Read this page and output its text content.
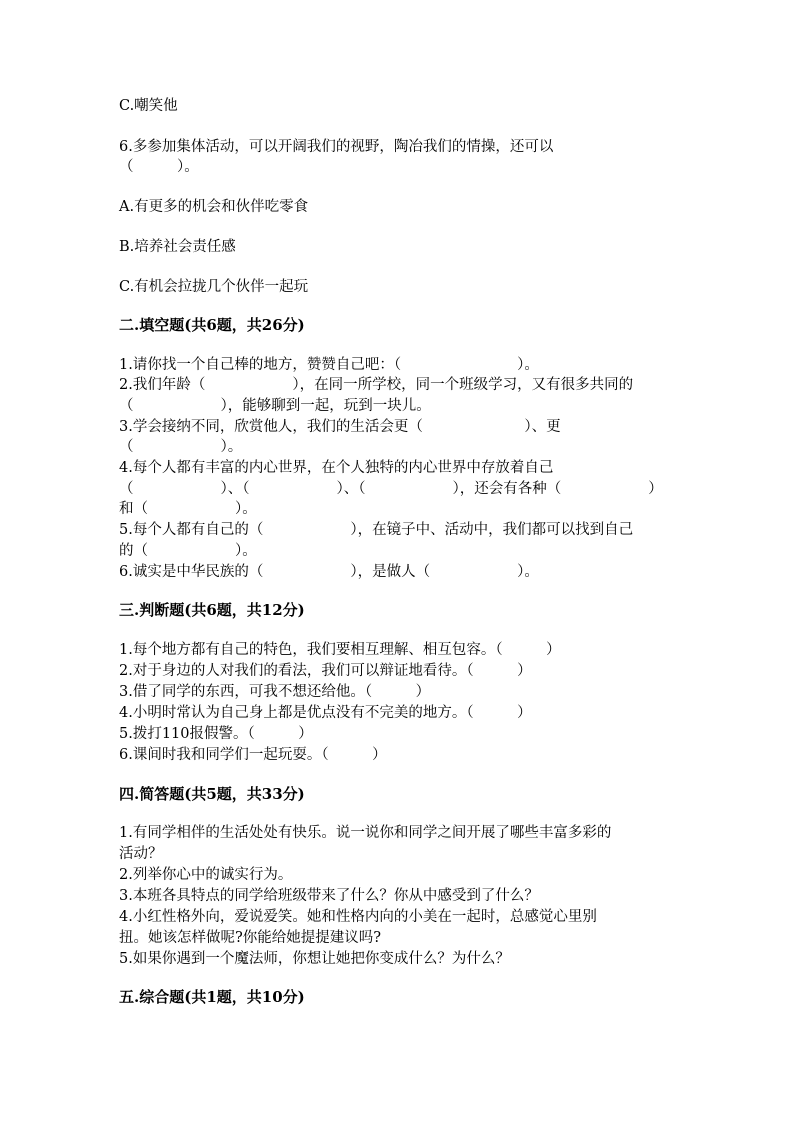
C.嘲笑他
6.多参加集体活动，可以开阔我们的视野，陶冶我们的情操，还可以
（　　　）。
A.有更多的机会和伙伴吃零食
B.培养社会责任感
C.有机会拉拢几个伙伴一起玩
二.填空题(共6题，共26分)
1.请你找一个自己棒的地方，赞赞自己吧：（　　　　　　　　）。
2.我们年龄（　　　　　　），在同一所学校，同一个班级学习，又有很多共同的
（　　　　　　），能够聊到一起，玩到一块儿。
3.学会接纳不同，欣赏他人，我们的生活会更（　　　　　　　）、更
（　　　　　　）。
4.每个人都有丰富的内心世界，在个人独特的内心世界中存放着自己
（　　　　　　）、（　　　　　　）、（　　　　　　），还会有各种（　　　　　　）
和（　　　　　　）。
5.每个人都有自己的（　　　　　　），在镜子中、活动中，我们都可以找到自己
的（　　　　　　）。
6.诚实是中华民族的（　　　　　　），是做人（　　　　　　）。
三.判断题(共6题，共12分)
1.每个地方都有自己的特色，我们要相互理解、相互包容。（　　　）
2.对于身边的人对我们的看法，我们可以辩证地看待。（　　　）
3.借了同学的东西，可我不想还给他。（　　　）
4.小明时常认为自己身上都是优点没有不完美的地方。（　　　）
5.拨打110报假警。（　　　）
6.课间时我和同学们一起玩耍。（　　　）
四.简答题(共5题，共33分)
1.有同学相伴的生活处处有快乐。说一说你和同学之间开展了哪些丰富多彩的
活动？
2.列举你心中的诚实行为。
3.本班各具特点的同学给班级带来了什么？你从中感受到了什么？
4.小红性格外向，爱说爱笑。她和性格内向的小美在一起时，总感觉心里别
扭。她该怎样做呢?你能给她提提建议吗?
5.如果你遇到一个魔法师，你想让她把你变成什么？为什么？
五.综合题(共1题，共10分)
